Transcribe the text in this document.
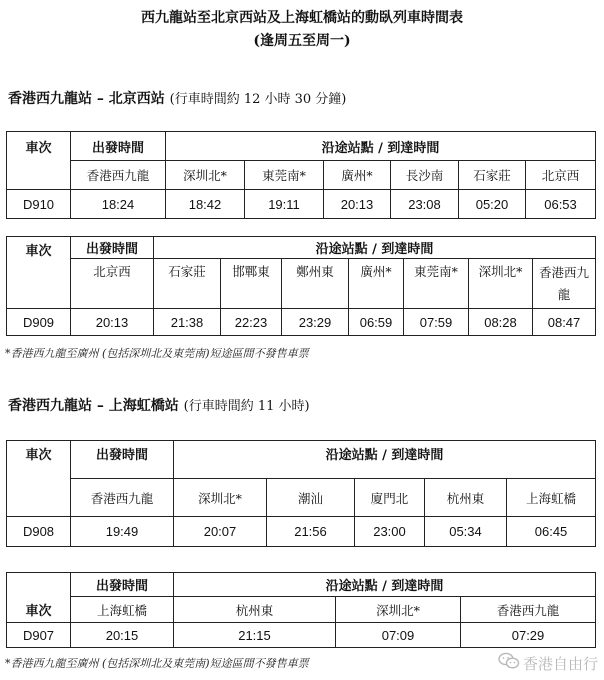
西九龍站至北京西站及上海虹橋站的動臥列車時間表
(逢周五至周一)
香港西九龍站 – 北京西站 (行車時間約 12 小時 30 分鐘)
車次	出發時間	沿途站點 / 到達時間					
	香港西九龍	深圳北*	東莞南*	廣州*	長沙南	石家莊	北京西
D910	18:24	18:42	19:11	20:13	23:08	05:20	06:53
車次	出發時間	沿途站點 / 到達時間						
	北京西	石家莊	邯鄲東	鄭州東	廣州*	東莞南*	深圳北*	香港西九龍
D909	20:13	21:38	22:23	23:29	06:59	07:59	08:28	08:47
*香港西九龍至廣州 (包括深圳北及東莞南)短途區間不發售車票
香港西九龍站 – 上海虹橋站 (行車時間約 11 小時)
車次	出發時間	沿途站點 / 到達時間				
	香港西九龍	深圳北*	潮汕	廈門北	杭州東	上海虹橋
D908	19:49	20:07	21:56	23:00	05:34	06:45
	出發時間	沿途站點 / 到達時間		
車次	上海虹橋	杭州東	深圳北*	香港西九龍
D907	20:15	21:15	07:09	07:29
*香港西九龍至廣州 (包括深圳北及東莞南)短途區間不發售車票	香港自由行
